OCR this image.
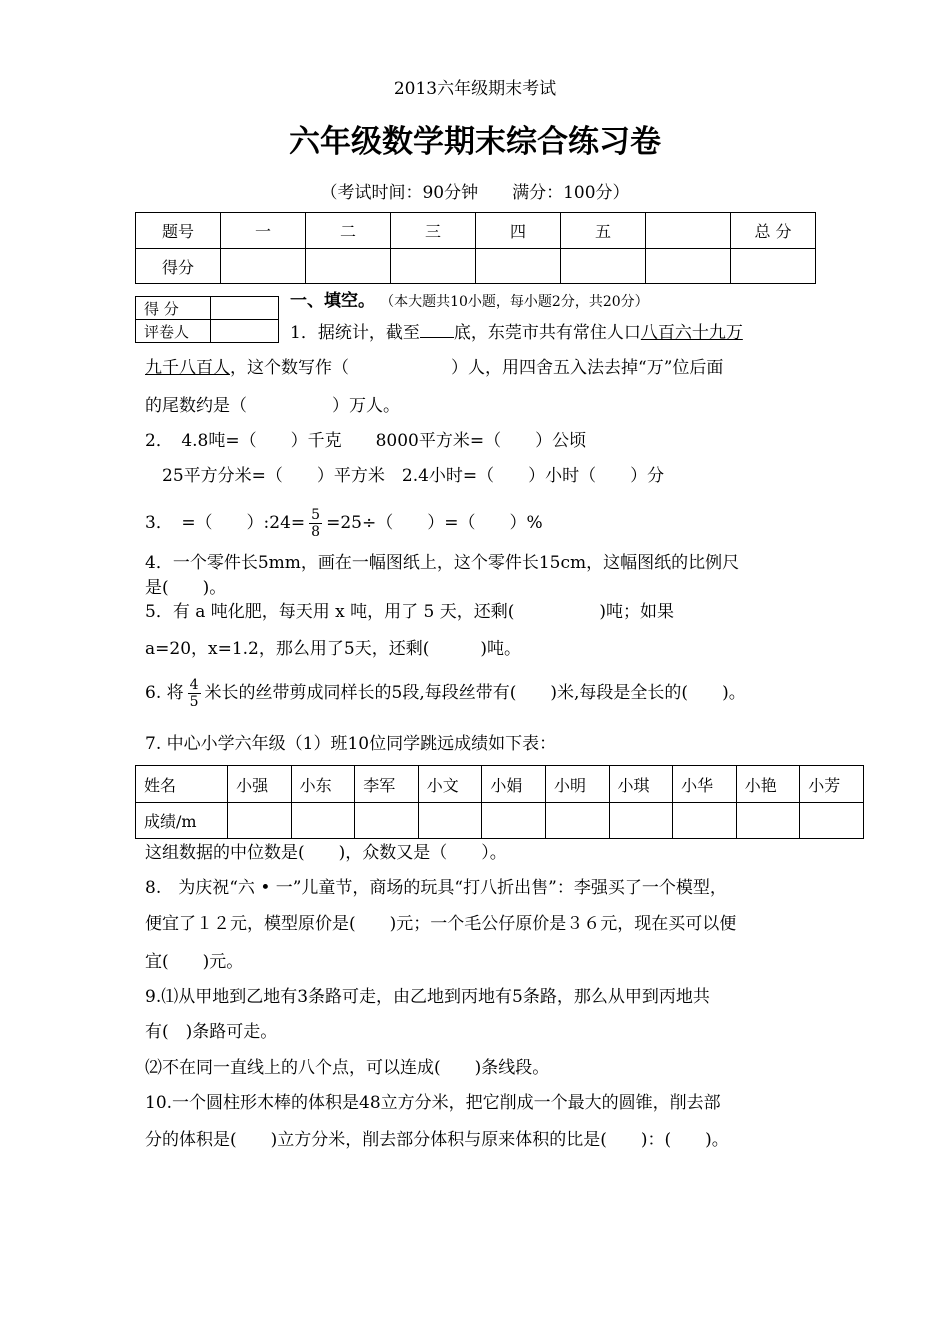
2013六年级期末考试
六年级数学期末综合练习卷
（考试时间：90分钟　　满分：100分）
题号	一	二	三	四	五		总 分
得分							
得 分	
评卷人	
一、填空。 （本大题共10小题，每小题2分，共20分）
1．据统计，截至 底，东莞市共有常住人口八百六十九万
九千八百人，这个数写作（　　　　　　）人，用四舍五入法去掉“万”位后面
的尾数约是（　　　　　）万人。
2．　4.8吨=（　　）千克　　8000平方米=（　　）公顷
25平方分米=（　　）平方米　2.4小时=（　　）小时（　　）分
3．　=（　　）:24= $\frac{5}{8} =25\div$（　　）=（　　）%
4．一个零件长5mm，画在一幅图纸上，这个零件长15cm，这幅图纸的比例尺
是(　　)。
5．有 a 吨化肥，每天用 x 吨，用了 5 天，还剩(　　　　　)吨；如果
a=20，x=1.2，那么用了5天，还剩(　　　)吨。
6. 将 $\frac{4}{5}$ 米长的丝带剪成同样长的5段,每段丝带有(　　)米,每段是全长的(　　)。
7. 中心小学六年级（1）班10位同学跳远成绩如下表：
姓名	小强	小东	李军	小文	小娟	小明	小琪	小华	小艳	小芳
成绩/m										
这组数据的中位数是(　　)，众数又是（　　）。
8.　为庆祝“六 • 一”儿童节，商场的玩具“打八折出售”：李强买了一个模型，
便宜了１２元，模型原价是(　　)元；一个毛公仔原价是３６元，现在买可以便
宜(　　)元。
9.⑴从甲地到乙地有3条路可走，由乙地到丙地有5条路，那么从甲到丙地共
有(　)条路可走。
⑵不在同一直线上的八个点，可以连成(　　)条线段。
10.一个圆柱形木棒的体积是48立方分米，把它削成一个最大的圆锥，削去部
分的体积是(　　)立方分米，削去部分体积与原来体积的比是(　　)：(　　)。
